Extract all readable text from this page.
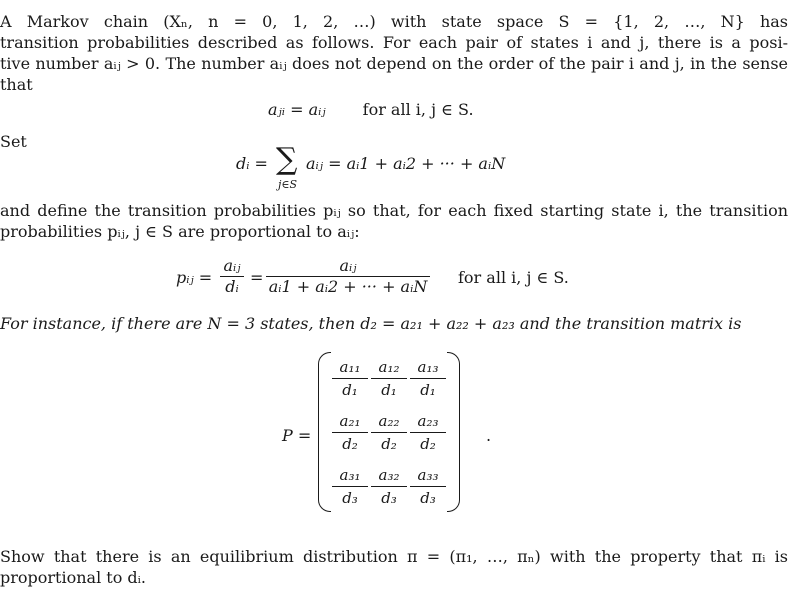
A Markov chain (Xₙ, n = 0, 1, 2, …) with state space S = {1, 2, …, N} has
transition probabilities described as follows. For each pair of states i and j, there is a posi-
tive number aᵢⱼ > 0. The number aᵢⱼ does not depend on the order of the pair i and j, in the sense
that
aⱼᵢ = aᵢⱼ for all i, j ∈ S.
Set
dᵢ = ∑
j∈S
aᵢⱼ = aᵢ1 + aᵢ2 + ··· + aᵢN
and define the transition probabilities pᵢⱼ so that, for each fixed starting state i, the transition
probabilities pᵢⱼ, j ∈ S are proportional to aᵢⱼ:
pᵢⱼ =
aᵢⱼ
dᵢ =
aᵢⱼ
aᵢ1 + aᵢ2 + ··· + aᵢN for all i, j ∈ S.
For instance, if there are N = 3 states, then d₂ = a₂₁ + a₂₂ + a₂₃ and the transition matrix is
P =
$\frac{\text{a₁₁}}{\text{d₁}} \frac{\text{a₁₂}}{\text{d₁}} \frac{\text{a₁₃}}{\text{d₁}}$
$\frac{\text{a₂₁}}{\text{d₂}} \frac{\text{a₂₂}}{\text{d₂}} \frac{\text{a₂₃}}{\text{d₂}}$
$\frac{\text{a₃₁}}{\text{d₃}} \frac{\text{a₃₂}}{\text{d₃}} \frac{\text{a₃₃}}{\text{d₃}}$
.
Show that there is an equilibrium distribution π = (π₁, …, πₙ) with the property that πᵢ is
proportional to dᵢ.
